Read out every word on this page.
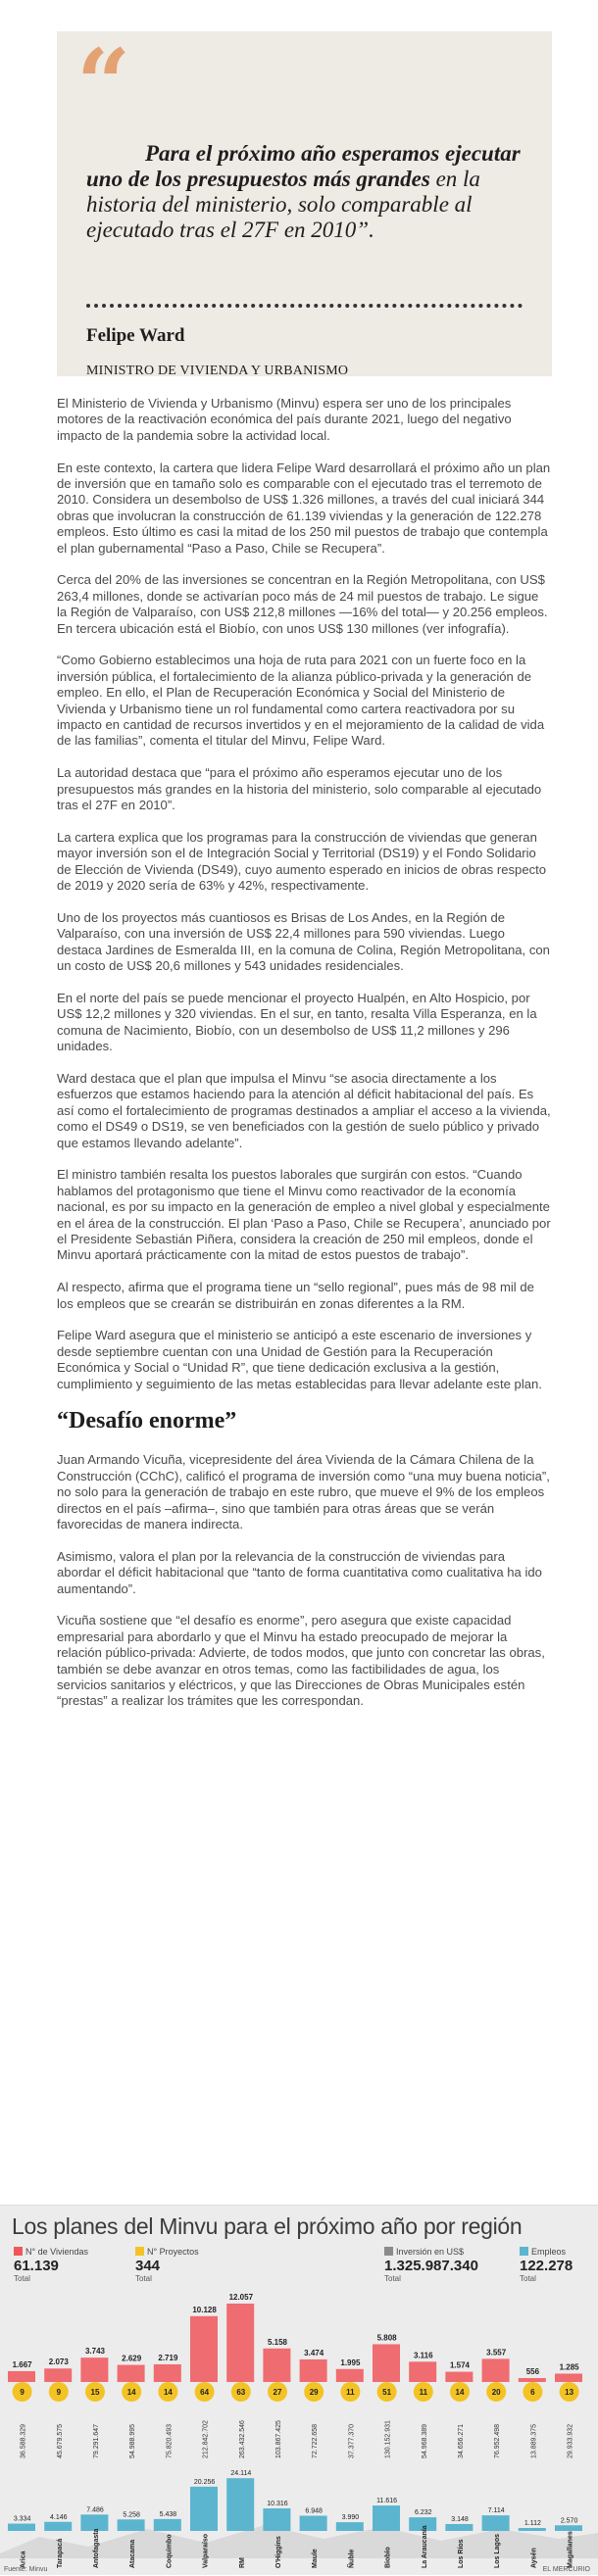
“
Para el próximo año esperamos ejecutar uno de los presupuestos más grandes en la historia del ministerio, solo comparable al ejecutado tras el 27F en 2010”.
Felipe Ward
MINISTRO DE VIVIENDA Y URBANISMO

El Ministerio de Vivienda y Urbanismo (Minvu) espera ser uno de los principales motores de la reactivación económica del país durante 2021, luego del negativo impacto de la pandemia sobre la actividad local.

En este contexto, la cartera que lidera Felipe Ward desarrollará el próximo año un plan de inversión que en tamaño solo es comparable con el ejecutado tras el terremoto de 2010. Considera un desembolso de US$ 1.326 millones, a través del cual iniciará 344 obras que involucran la construcción de 61.139 viviendas y la generación de 122.278 empleos. Esto último es casi la mitad de los 250 mil puestos de trabajo que contempla el plan gubernamental “Paso a Paso, Chile se Recupera”.

Cerca del 20% de las inversiones se concentran en la Región Metropolitana, con US$ 263,4 millones, donde se activarían poco más de 24 mil puestos de trabajo. Le sigue la Región de Valparaíso, con US$ 212,8 millones —16% del total— y 20.256 empleos. En tercera ubicación está el Biobío, con unos US$ 130 millones (ver infografía).

“Como Gobierno establecimos una hoja de ruta para 2021 con un fuerte foco en la inversión pública, el fortalecimiento de la alianza público-privada y la generación de empleo. En ello, el Plan de Recuperación Económica y Social del Ministerio de Vivienda y Urbanismo tiene un rol fundamental como cartera reactivadora por su impacto en cantidad de recursos invertidos y en el mejoramiento de la calidad de vida de las familias”, comenta el titular del Minvu, Felipe Ward.

La autoridad destaca que “para el próximo año esperamos ejecutar uno de los presupuestos más grandes en la historia del ministerio, solo comparable al ejecutado tras el 27F en 2010”.

La cartera explica que los programas para la construcción de viviendas que generan mayor inversión son el de Integración Social y Territorial (DS19) y el Fondo Solidario de Elección de Vivienda (DS49), cuyo aumento esperado en inicios de obras respecto de 2019 y 2020 sería de 63% y 42%, respectivamente.

Uno de los proyectos más cuantiosos es Brisas de Los Andes, en la Región de Valparaíso, con una inversión de US$ 22,4 millones para 590 viviendas. Luego destaca Jardines de Esmeralda III, en la comuna de Colina, Región Metropolitana, con un costo de US$ 20,6 millones y 543 unidades residenciales.

En el norte del país se puede mencionar el proyecto Hualpén, en Alto Hospicio, por US$ 12,2 millones y 320 viviendas. En el sur, en tanto, resalta Villa Esperanza, en la comuna de Nacimiento, Biobío, con un desembolso de US$ 11,2 millones y 296 unidades.

Ward destaca que el plan que impulsa el Minvu “se asocia directamente a los esfuerzos que estamos haciendo para la atención al déficit habitacional del país. Es así como el fortalecimiento de programas destinados a ampliar el acceso a la vivienda, como el DS49 o DS19, se ven beneficiados con la gestión de suelo público y privado que estamos llevando adelante”.

El ministro también resalta los puestos laborales que surgirán con estos. “Cuando hablamos del protagonismo que tiene el Minvu como reactivador de la economía nacional, es por su impacto en la generación de empleo a nivel global y especialmente en el área de la construcción. El plan ‘Paso a Paso, Chile se Recupera’, anunciado por el Presidente Sebastián Piñera, considera la creación de 250 mil empleos, donde el Minvu aportará prácticamente con la mitad de estos puestos de trabajo”.

Al respecto, afirma que el programa tiene un “sello regional”, pues más de 98 mil de los empleos que se crearán se distribuirán en zonas diferentes a la RM.

Felipe Ward asegura que el ministerio se anticipó a este escenario de inversiones y desde septiembre cuentan con una Unidad de Gestión para la Recuperación Económica y Social o “Unidad R”, que tiene dedicación exclusiva a la gestión, cumplimiento y seguimiento de las metas establecidas para llevar adelante este plan.

“Desafío enorme”

Juan Armando Vicuña, vicepresidente del área Vivienda de la Cámara Chilena de la Construcción (CChC), calificó el programa de inversión como “una muy buena noticia”, no solo para la generación de trabajo en este rubro, que mueve el 9% de los empleos directos en el país –afirma–, sino que también para otras áreas que se verán favorecidas de manera indirecta.

Asimismo, valora el plan por la relevancia de la construcción de viviendas para abordar el déficit habitacional que “tanto de forma cuantitativa como cualitativa ha ido aumentando”.

Vicuña sostiene que “el desafío es enorme”, pero asegura que existe capacidad empresarial para abordarlo y que el Minvu ha estado preocupado de mejorar la relación público-privada: Advierte, de todos modos, que junto con concretar las obras, también se debe avanzar en otros temas, como las factibilidades de agua, los servicios sanitarios y eléctricos, y que las Direcciones de Obras Municipales estén “prestas” a realizar los trámites que les correspondan.

Los planes del Minvu para el próximo año por región
N° de Viviendas
61.139
Total
N° Proyectos
344
Total
Inversión en US$
1.325.987.340
Total
Empleos
122.278
Total
1.667
9
36.588.329
3.334
Arica
2.073
9
45.679.575
4.146
Tarapacá
3.743
15
79.291.647
7.486
Antofagasta
2.629
14
54.988.995
5.258
Atacama
2.719
14
75.820.493
5.438
Coquimbo
10.128
64
212.842.702
20.256
Valparaíso
12.057
63
263.432.546
24.114
RM
5.158
27
103.867.425
10.316
O'Higgins
3.474
29
72.722.658
6.948
Maule
1.995
11
37.377.370
3.990
Ñuble
5.808
51
130.152.931
11.616
Biobío
3.116
11
54.968.389
6.232
La Araucanía
1.574
14
34.656.271
3.148
Los Ríos
3.557
20
76.952.498
7.114
Los Lagos
556
6
13.889.375
1.112
Aysén
1.285
13
29.933.932
2.570
Magallanes
Fuente: Minvu	EL MERCURIO
